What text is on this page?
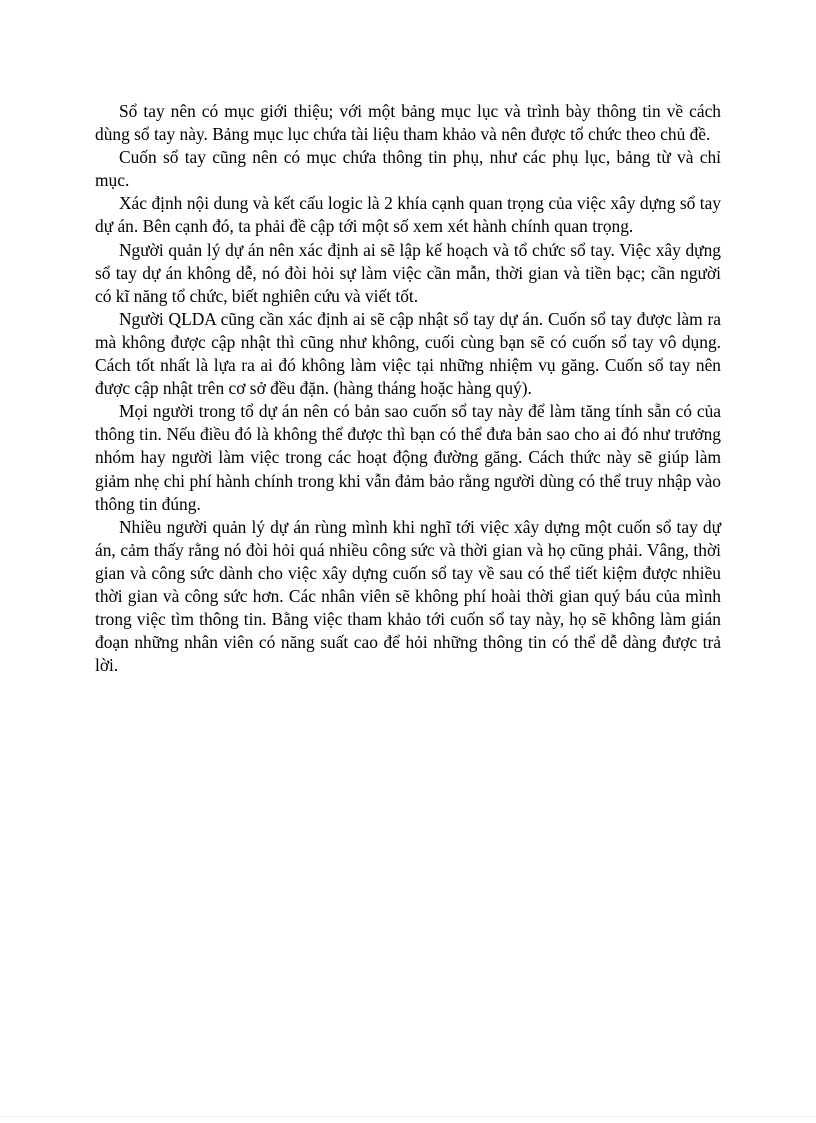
Sổ tay nên có mục giới thiệu; với một bảng mục lục và trình bày thông tin về cách dùng sổ tay này. Bảng mục lục chứa tài liệu tham khảo và nên được tổ chức theo chủ đề.

Cuốn sổ tay cũng nên có mục chứa thông tin phụ, như các phụ lục, bảng từ và chỉ mục.

Xác định nội dung và kết cấu logic là 2 khía cạnh quan trọng của việc xây dựng sổ tay dự án. Bên cạnh đó, ta phải đề cập tới một số xem xét hành chính quan trọng.

Người quản lý dự án nên xác định ai sẽ lập kế hoạch và tổ chức sổ tay. Việc xây dựng sổ tay dự án không dễ, nó đòi hỏi sự làm việc cần mẫn, thời gian và tiền bạc; cần người có kĩ năng tổ chức, biết nghiên cứu và viết tốt.

Người QLDA cũng cần xác định ai sẽ cập nhật sổ tay dự án. Cuốn sổ tay được làm ra mà không được cập nhật thì cũng như không, cuối cùng bạn sẽ có cuốn sổ tay vô dụng. Cách tốt nhất là lựa ra ai đó không làm việc tại những nhiệm vụ găng. Cuốn sổ tay nên được cập nhật trên cơ sở đều đặn. (hàng tháng hoặc hàng quý).

Mọi người trong tổ dự án nên có bản sao cuốn sổ tay này để làm tăng tính sẵn có của thông tin. Nếu điều đó là không thể được thì bạn có thể đưa bản sao cho ai đó như trưởng nhóm hay người làm việc trong các hoạt động đường găng. Cách thức này sẽ giúp làm giảm nhẹ chi phí hành chính trong khi vẫn đảm bảo rằng người dùng có thể truy nhập vào thông tin đúng.

Nhiều người quản lý dự án rùng mình khi nghĩ tới việc xây dựng một cuốn sổ tay dự án, cảm thấy rằng nó đòi hỏi quá nhiều công sức và thời gian và họ cũng phải. Vâng, thời gian và công sức dành cho việc xây dựng cuốn sổ tay về sau có thể tiết kiệm được nhiều thời gian và công sức hơn. Các nhân viên sẽ không phí hoài thời gian quý báu của mình trong việc tìm thông tin. Bằng việc tham khảo tới cuốn sổ tay này, họ sẽ không làm gián đoạn những nhân viên có năng suất cao để hỏi những thông tin có thể dễ dàng được trả lời.
